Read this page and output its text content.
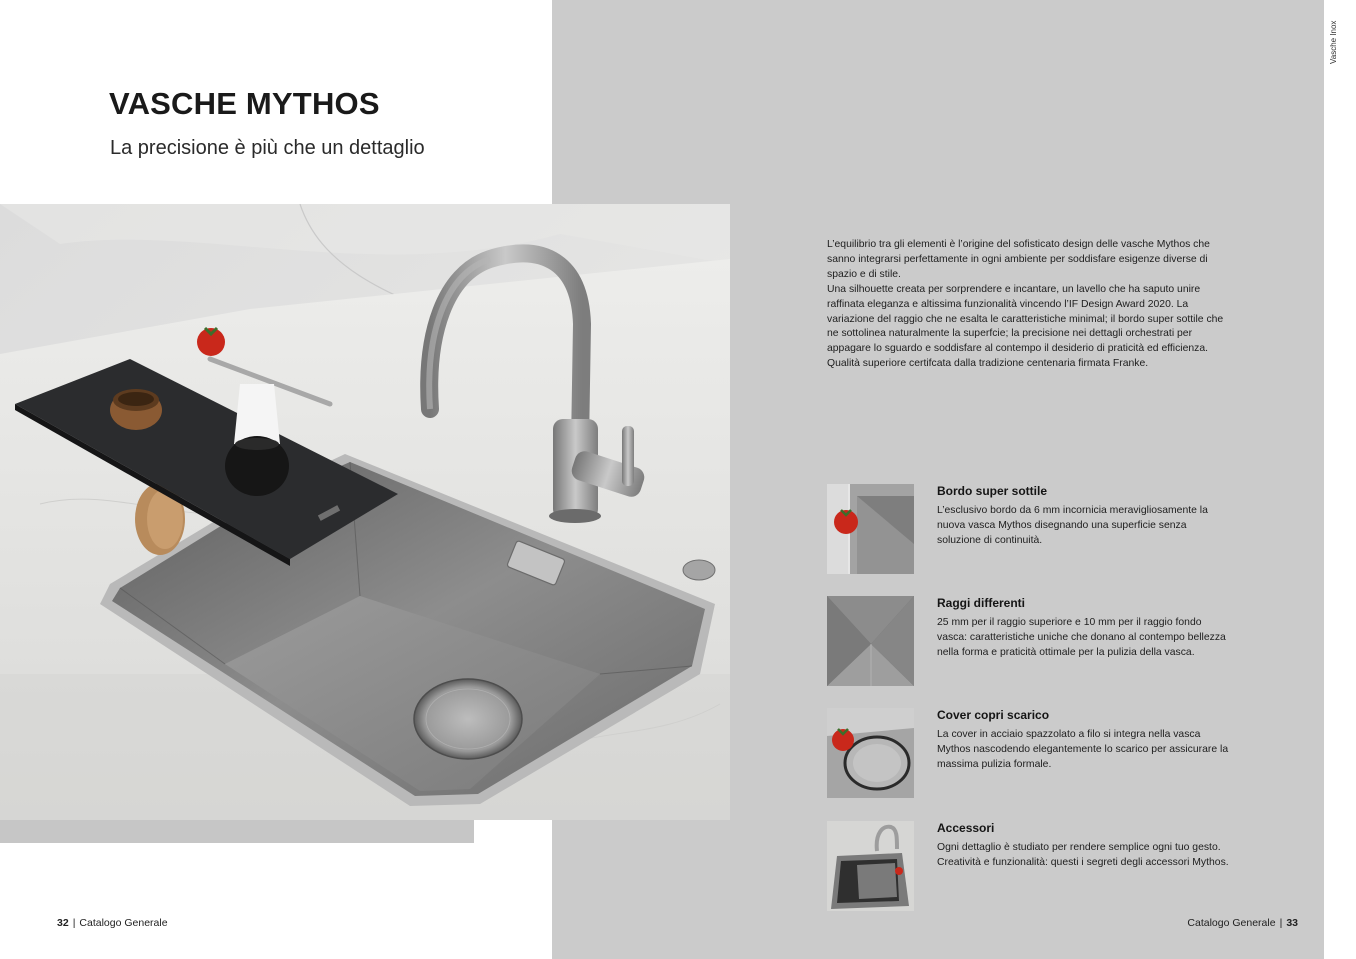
Vasche Inox
VASCHE MYTHOS
La precisione è più che un dettaglio

L’equilibrio tra gli elementi è l’origine del sofisticato design delle vasche Mythos che sanno integrarsi perfettamente in ogni ambiente per soddisfare esigenze diverse di spazio e di stile.

Una silhouette creata per sorprendere e incantare, un lavello che ha saputo unire raffinata eleganza e altissima funzionalità vincendo l’IF Design Award 2020. La variazione del raggio che ne esalta le caratteristiche minimal; il bordo super sottile che ne sottolinea naturalmente la superfcie; la precisione nei dettagli orchestrati per appagare lo sguardo e soddisfare al contempo il desiderio di praticità ed efficienza. Qualità superiore certifcata dalla tradizione centenaria firmata Franke.

Bordo super sottile

L’esclusivo bordo da 6 mm incornicia meravigliosamente la nuova vasca Mythos disegnando una superficie senza soluzione di continuità.

Raggi differenti

25 mm per il raggio superiore e 10 mm per il raggio fondo vasca: caratteristiche uniche che donano al contempo bellezza nella forma e praticità ottimale per la pulizia della vasca.

Cover copri scarico

La cover in acciaio spazzolato a filo si integra nella vasca Mythos nascodendo elegantemente lo scarico per assicurare la massima pulizia formale.

Accessori

Ogni dettaglio è studiato per rendere semplice ogni tuo gesto. Creatività e funzionalità: questi i segreti degli accessori Mythos.

32 | Catalogo Generale	Catalogo Generale | 33
